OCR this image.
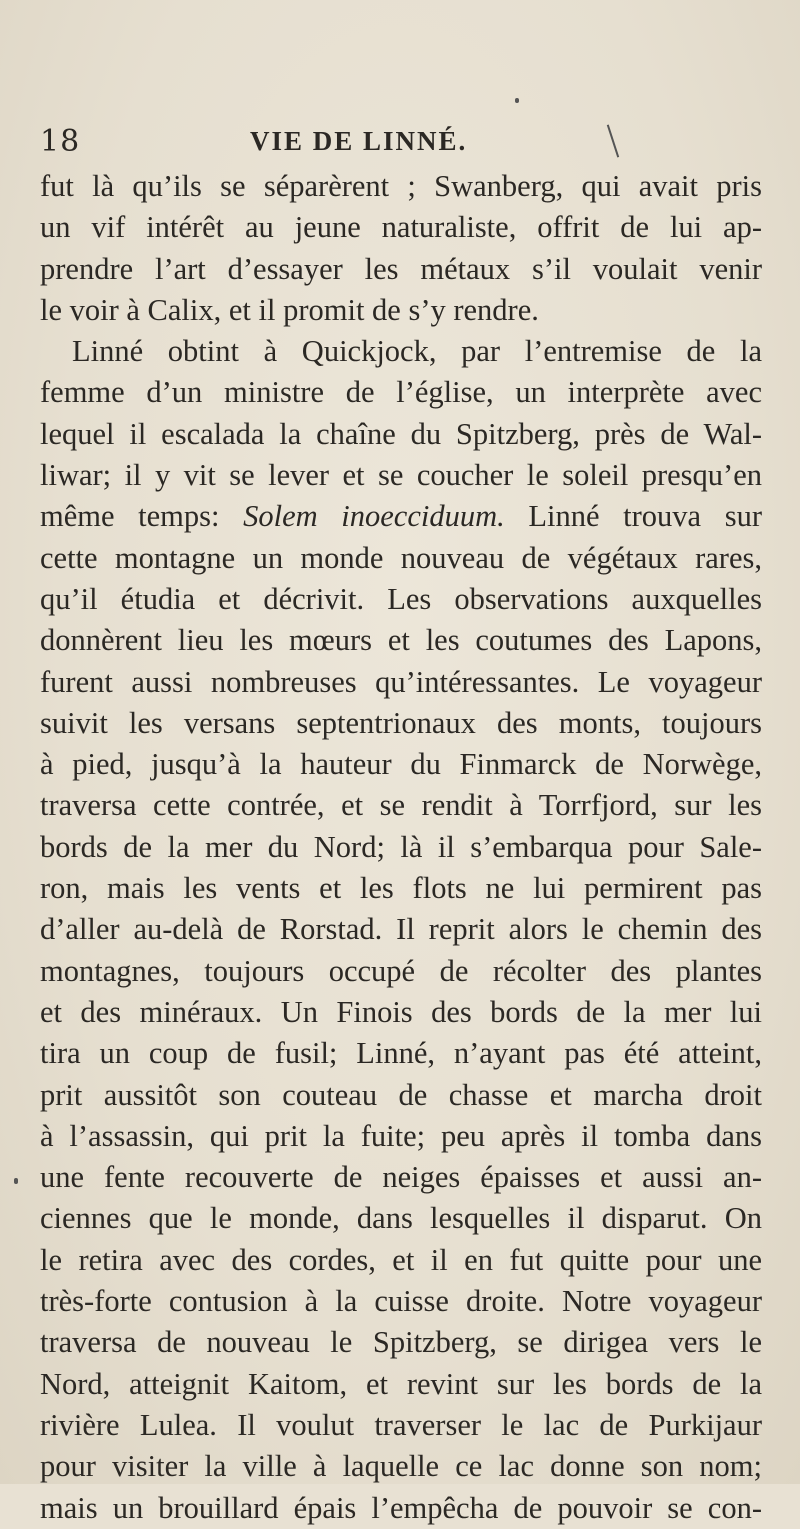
18	VIE DE LINNÉ.
fut là qu’ils se séparèrent ; Swanberg, qui avait pris
un vif intérêt au jeune naturaliste, offrit de lui ap-
prendre l’art d’essayer les métaux s’il voulait venir
le voir à Calix, et il promit de s’y rendre.
Linné obtint à Quickjock, par l’entremise de la
femme d’un ministre de l’église, un interprète avec
lequel il escalada la chaîne du Spitzberg, près de Wal-
liwar; il y vit se lever et se coucher le soleil presqu’en
même temps: Solem inoecciduum. Linné trouva sur
cette montagne un monde nouveau de végétaux rares,
qu’il étudia et décrivit. Les observations auxquelles
donnèrent lieu les mœurs et les coutumes des Lapons,
furent aussi nombreuses qu’intéressantes. Le voyageur
suivit les versans septentrionaux des monts, toujours
à pied, jusqu’à la hauteur du Finmarck de Norwège,
traversa cette contrée, et se rendit à Torrfjord, sur les
bords de la mer du Nord; là il s’embarqua pour Sale-
ron, mais les vents et les flots ne lui permirent pas
d’aller au-delà de Rorstad. Il reprit alors le chemin des
montagnes, toujours occupé de récolter des plantes
et des minéraux. Un Finois des bords de la mer lui
tira un coup de fusil; Linné, n’ayant pas été atteint,
prit aussitôt son couteau de chasse et marcha droit
à l’assassin, qui prit la fuite; peu après il tomba dans
une fente recouverte de neiges épaisses et aussi an-
ciennes que le monde, dans lesquelles il disparut. On
le retira avec des cordes, et il en fut quitte pour une
très-forte contusion à la cuisse droite. Notre voyageur
traversa de nouveau le Spitzberg, se dirigea vers le
Nord, atteignit Kaitom, et revint sur les bords de la
rivière Lulea. Il voulut traverser le lac de Purkijaur
pour visiter la ville à laquelle ce lac donne son nom;
mais un brouillard épais l’empêcha de pouvoir se con-
